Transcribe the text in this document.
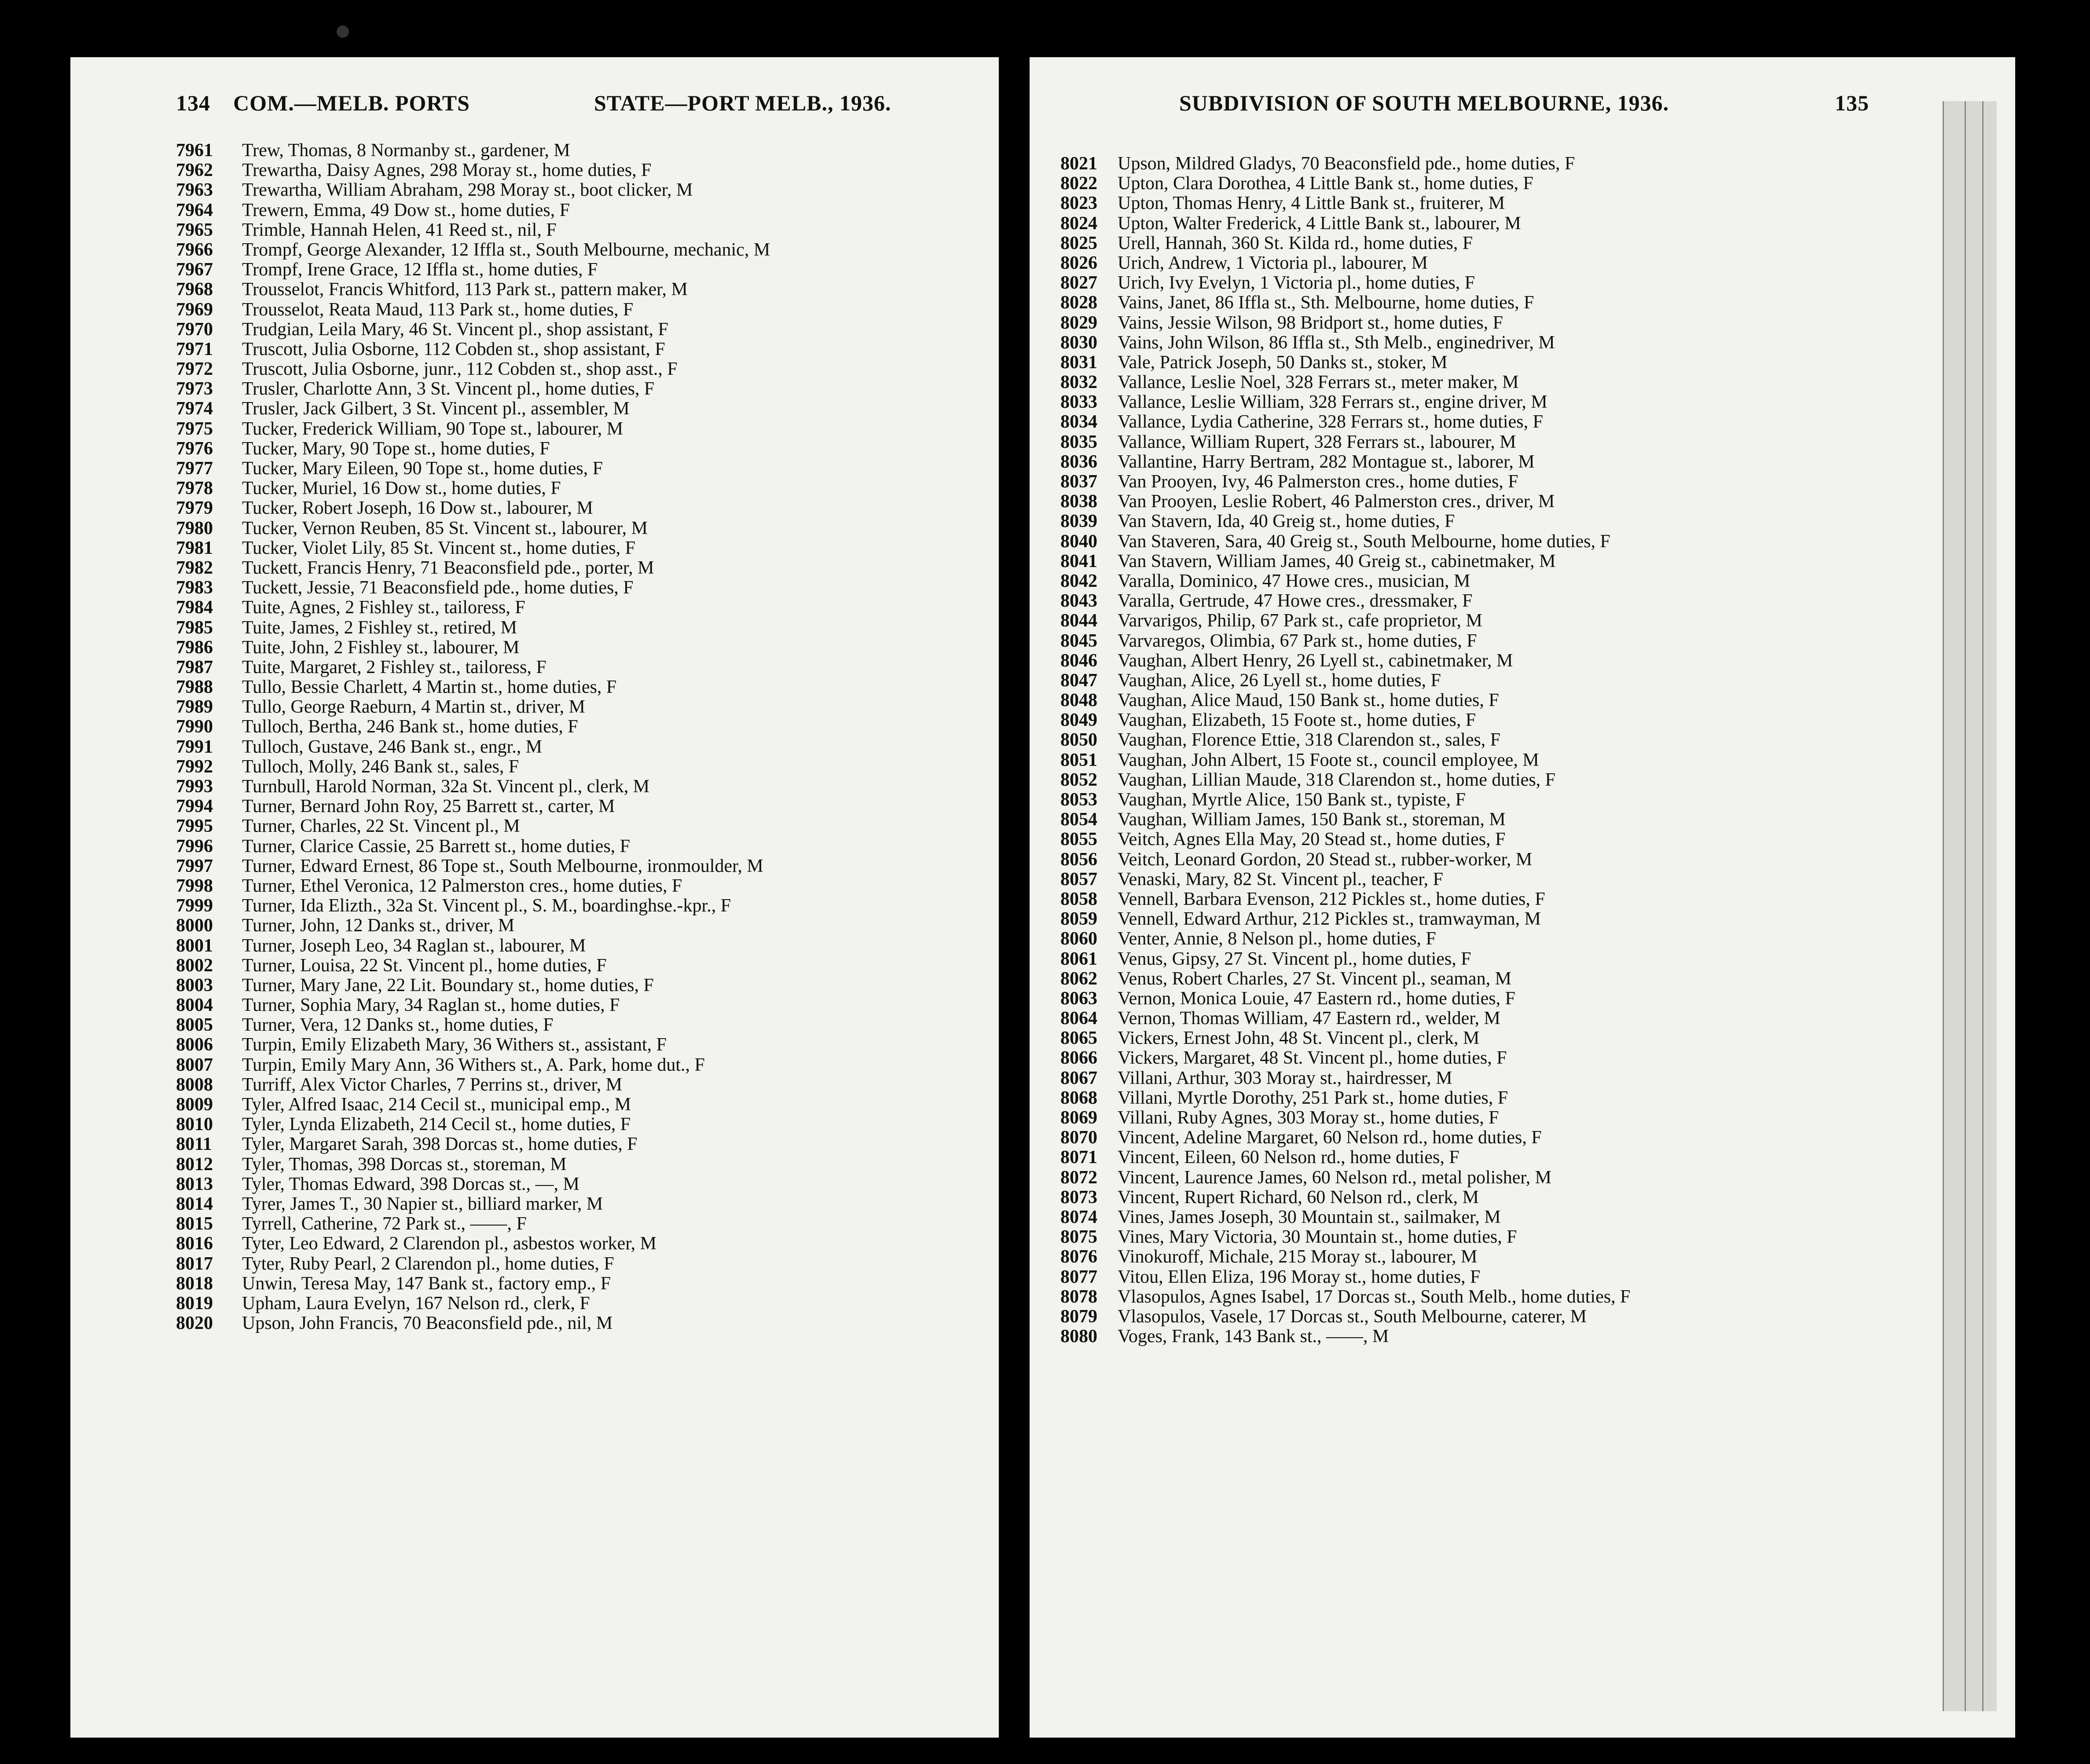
134 COM.—MELB. PORTS	STATE—PORT MELB., 1936.
7961 Trew, Thomas, 8 Normanby st., gardener, M
7962 Trewartha, Daisy Agnes, 298 Moray st., home duties, F
7963 Trewartha, William Abraham, 298 Moray st., boot clicker, M
7964 Trewern, Emma, 49 Dow st., home duties, F
7965 Trimble, Hannah Helen, 41 Reed st., nil, F
7966 Trompf, George Alexander, 12 Iffla st., South Melbourne, mechanic, M
7967 Trompf, Irene Grace, 12 Iffla st., home duties, F
7968 Trousselot, Francis Whitford, 113 Park st., pattern maker, M
7969 Trousselot, Reata Maud, 113 Park st., home duties, F
7970 Trudgian, Leila Mary, 46 St. Vincent pl., shop assistant, F
7971 Truscott, Julia Osborne, 112 Cobden st., shop assistant, F
7972 Truscott, Julia Osborne, junr., 112 Cobden st., shop asst., F
7973 Trusler, Charlotte Ann, 3 St. Vincent pl., home duties, F
7974 Trusler, Jack Gilbert, 3 St. Vincent pl., assembler, M
7975 Tucker, Frederick William, 90 Tope st., labourer, M
7976 Tucker, Mary, 90 Tope st., home duties, F
7977 Tucker, Mary Eileen, 90 Tope st., home duties, F
7978 Tucker, Muriel, 16 Dow st., home duties, F
7979 Tucker, Robert Joseph, 16 Dow st., labourer, M
7980 Tucker, Vernon Reuben, 85 St. Vincent st., labourer, M
7981 Tucker, Violet Lily, 85 St. Vincent st., home duties, F
7982 Tuckett, Francis Henry, 71 Beaconsfield pde., porter, M
7983 Tuckett, Jessie, 71 Beaconsfield pde., home duties, F
7984 Tuite, Agnes, 2 Fishley st., tailoress, F
7985 Tuite, James, 2 Fishley st., retired, M
7986 Tuite, John, 2 Fishley st., labourer, M
7987 Tuite, Margaret, 2 Fishley st., tailoress, F
7988 Tullo, Bessie Charlett, 4 Martin st., home duties, F
7989 Tullo, George Raeburn, 4 Martin st., driver, M
7990 Tulloch, Bertha, 246 Bank st., home duties, F
7991 Tulloch, Gustave, 246 Bank st., engr., M
7992 Tulloch, Molly, 246 Bank st., sales, F
7993 Turnbull, Harold Norman, 32a St. Vincent pl., clerk, M
7994 Turner, Bernard John Roy, 25 Barrett st., carter, M
7995 Turner, Charles, 22 St. Vincent pl., M
7996 Turner, Clarice Cassie, 25 Barrett st., home duties, F
7997 Turner, Edward Ernest, 86 Tope st., South Melbourne, ironmoulder, M
7998 Turner, Ethel Veronica, 12 Palmerston cres., home duties, F
7999 Turner, Ida Elizth., 32a St. Vincent pl., S. M., boardinghse.-kpr., F
8000 Turner, John, 12 Danks st., driver, M
8001 Turner, Joseph Leo, 34 Raglan st., labourer, M
8002 Turner, Louisa, 22 St. Vincent pl., home duties, F
8003 Turner, Mary Jane, 22 Lit. Boundary st., home duties, F
8004 Turner, Sophia Mary, 34 Raglan st., home duties, F
8005 Turner, Vera, 12 Danks st., home duties, F
8006 Turpin, Emily Elizabeth Mary, 36 Withers st., assistant, F
8007 Turpin, Emily Mary Ann, 36 Withers st., A. Park, home dut., F
8008 Turriff, Alex Victor Charles, 7 Perrins st., driver, M
8009 Tyler, Alfred Isaac, 214 Cecil st., municipal emp., M
8010 Tyler, Lynda Elizabeth, 214 Cecil st., home duties, F
8011 Tyler, Margaret Sarah, 398 Dorcas st., home duties, F
8012 Tyler, Thomas, 398 Dorcas st., storeman, M
8013 Tyler, Thomas Edward, 398 Dorcas st., —, M
8014 Tyrer, James T., 30 Napier st., billiard marker, M
8015 Tyrrell, Catherine, 72 Park st., ——, F
8016 Tyter, Leo Edward, 2 Clarendon pl., asbestos worker, M
8017 Tyter, Ruby Pearl, 2 Clarendon pl., home duties, F
8018 Unwin, Teresa May, 147 Bank st., factory emp., F
8019 Upham, Laura Evelyn, 167 Nelson rd., clerk, F
8020 Upson, John Francis, 70 Beaconsfield pde., nil, M
SUBDIVISION OF SOUTH MELBOURNE, 1936.	135
8021 Upson, Mildred Gladys, 70 Beaconsfield pde., home duties, F
8022 Upton, Clara Dorothea, 4 Little Bank st., home duties, F
8023 Upton, Thomas Henry, 4 Little Bank st., fruiterer, M
8024 Upton, Walter Frederick, 4 Little Bank st., labourer, M
8025 Urell, Hannah, 360 St. Kilda rd., home duties, F
8026 Urich, Andrew, 1 Victoria pl., labourer, M
8027 Urich, Ivy Evelyn, 1 Victoria pl., home duties, F
8028 Vains, Janet, 86 Iffla st., Sth. Melbourne, home duties, F
8029 Vains, Jessie Wilson, 98 Bridport st., home duties, F
8030 Vains, John Wilson, 86 Iffla st., Sth Melb., enginedriver, M
8031 Vale, Patrick Joseph, 50 Danks st., stoker, M
8032 Vallance, Leslie Noel, 328 Ferrars st., meter maker, M
8033 Vallance, Leslie William, 328 Ferrars st., engine driver, M
8034 Vallance, Lydia Catherine, 328 Ferrars st., home duties, F
8035 Vallance, William Rupert, 328 Ferrars st., labourer, M
8036 Vallantine, Harry Bertram, 282 Montague st., laborer, M
8037 Van Prooyen, Ivy, 46 Palmerston cres., home duties, F
8038 Van Prooyen, Leslie Robert, 46 Palmerston cres., driver, M
8039 Van Stavern, Ida, 40 Greig st., home duties, F
8040 Van Staveren, Sara, 40 Greig st., South Melbourne, home duties, F
8041 Van Stavern, William James, 40 Greig st., cabinetmaker, M
8042 Varalla, Dominico, 47 Howe cres., musician, M
8043 Varalla, Gertrude, 47 Howe cres., dressmaker, F
8044 Varvarigos, Philip, 67 Park st., cafe proprietor, M
8045 Varvaregos, Olimbia, 67 Park st., home duties, F
8046 Vaughan, Albert Henry, 26 Lyell st., cabinetmaker, M
8047 Vaughan, Alice, 26 Lyell st., home duties, F
8048 Vaughan, Alice Maud, 150 Bank st., home duties, F
8049 Vaughan, Elizabeth, 15 Foote st., home duties, F
8050 Vaughan, Florence Ettie, 318 Clarendon st., sales, F
8051 Vaughan, John Albert, 15 Foote st., council employee, M
8052 Vaughan, Lillian Maude, 318 Clarendon st., home duties, F
8053 Vaughan, Myrtle Alice, 150 Bank st., typiste, F
8054 Vaughan, William James, 150 Bank st., storeman, M
8055 Veitch, Agnes Ella May, 20 Stead st., home duties, F
8056 Veitch, Leonard Gordon, 20 Stead st., rubber-worker, M
8057 Venaski, Mary, 82 St. Vincent pl., teacher, F
8058 Vennell, Barbara Evenson, 212 Pickles st., home duties, F
8059 Vennell, Edward Arthur, 212 Pickles st., tramwayman, M
8060 Venter, Annie, 8 Nelson pl., home duties, F
8061 Venus, Gipsy, 27 St. Vincent pl., home duties, F
8062 Venus, Robert Charles, 27 St. Vincent pl., seaman, M
8063 Vernon, Monica Louie, 47 Eastern rd., home duties, F
8064 Vernon, Thomas William, 47 Eastern rd., welder, M
8065 Vickers, Ernest John, 48 St. Vincent pl., clerk, M
8066 Vickers, Margaret, 48 St. Vincent pl., home duties, F
8067 Villani, Arthur, 303 Moray st., hairdresser, M
8068 Villani, Myrtle Dorothy, 251 Park st., home duties, F
8069 Villani, Ruby Agnes, 303 Moray st., home duties, F
8070 Vincent, Adeline Margaret, 60 Nelson rd., home duties, F
8071 Vincent, Eileen, 60 Nelson rd., home duties, F
8072 Vincent, Laurence James, 60 Nelson rd., metal polisher, M
8073 Vincent, Rupert Richard, 60 Nelson rd., clerk, M
8074 Vines, James Joseph, 30 Mountain st., sailmaker, M
8075 Vines, Mary Victoria, 30 Mountain st., home duties, F
8076 Vinokuroff, Michale, 215 Moray st., labourer, M
8077 Vitou, Ellen Eliza, 196 Moray st., home duties, F
8078 Vlasopulos, Agnes Isabel, 17 Dorcas st., South Melb., home duties, F
8079 Vlasopulos, Vasele, 17 Dorcas st., South Melbourne, caterer, M
8080 Voges, Frank, 143 Bank st., ——, M
